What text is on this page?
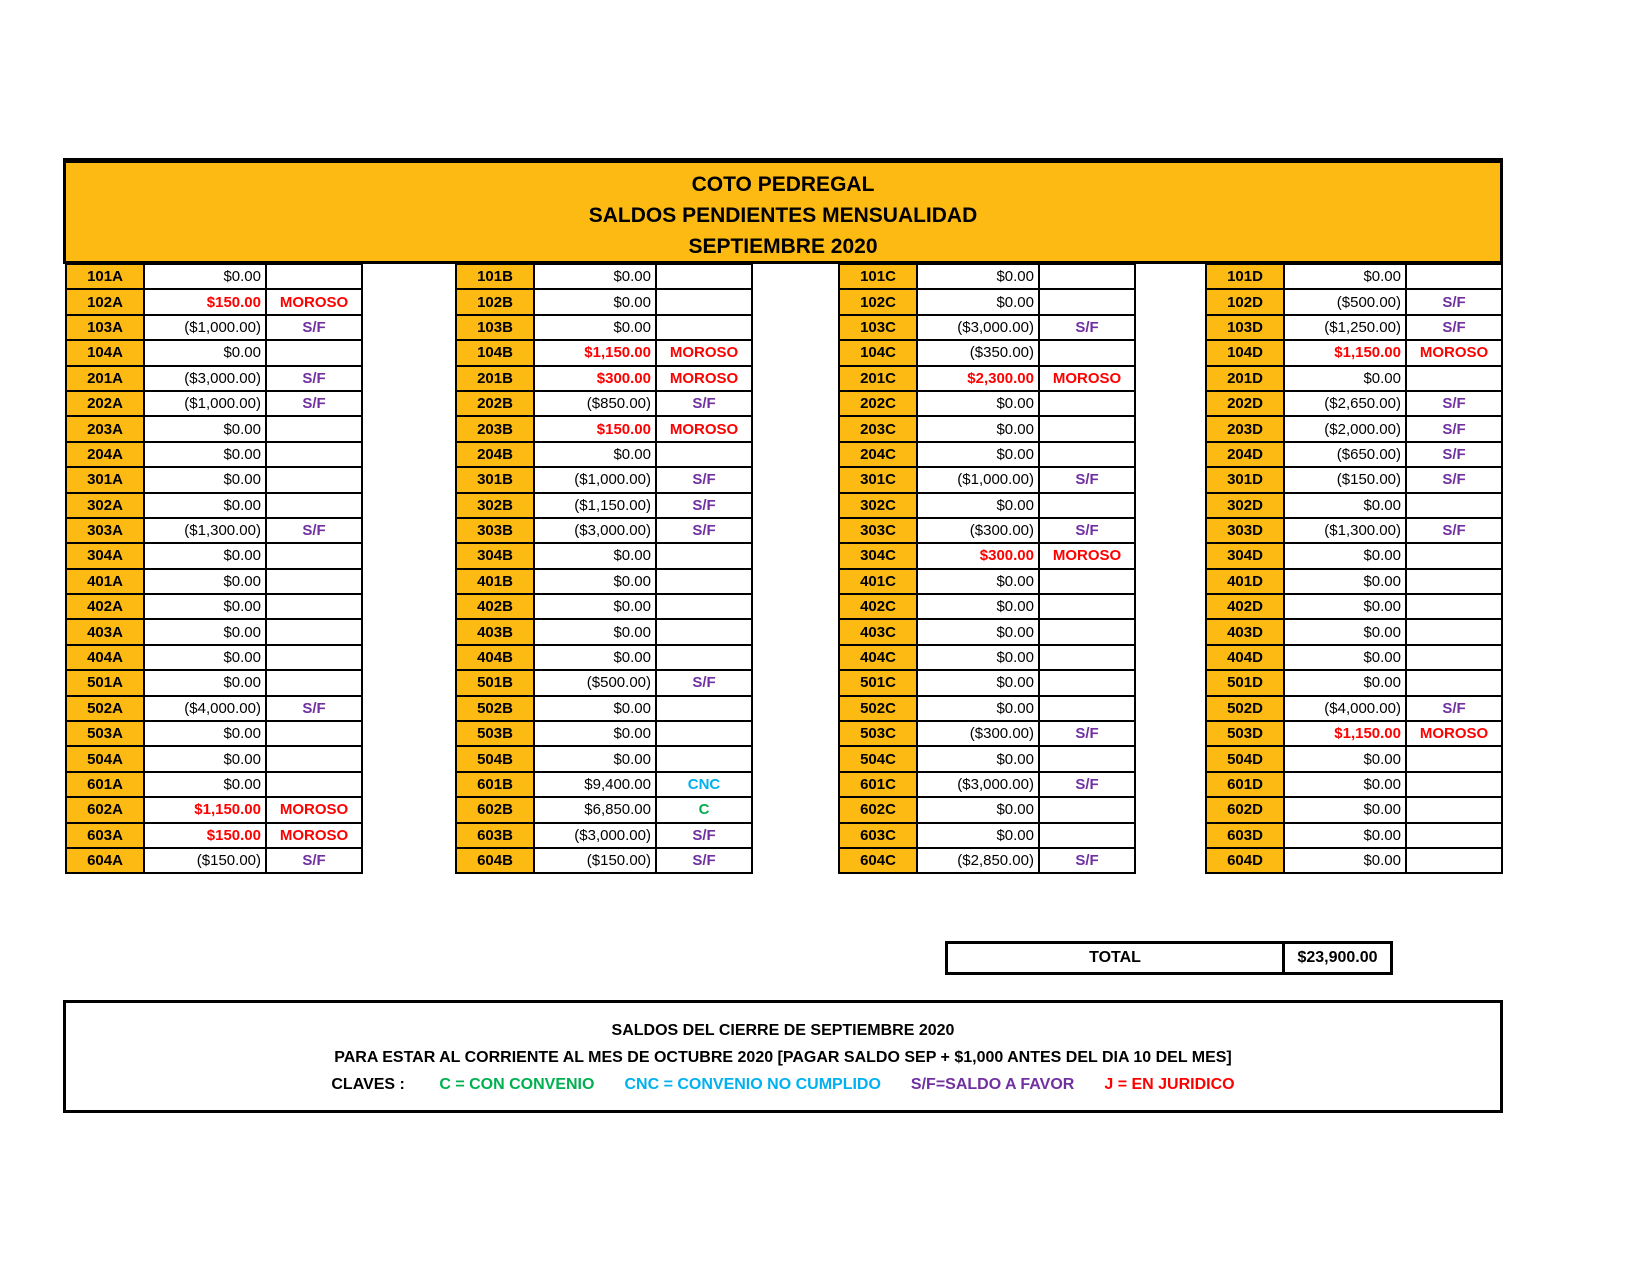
COTO PEDREGAL
SALDOS PENDIENTES MENSUALIDAD
SEPTIEMBRE 2020
101A	$0.00
102A	$150.00	MOROSO
103A	($1,000.00)	S/F
104A	$0.00
201A	($3,000.00)	S/F
202A	($1,000.00)	S/F
203A	$0.00
204A	$0.00
301A	$0.00
302A	$0.00
303A	($1,300.00)	S/F
304A	$0.00
401A	$0.00
402A	$0.00
403A	$0.00
404A	$0.00
501A	$0.00
502A	($4,000.00)	S/F
503A	$0.00
504A	$0.00
601A	$0.00
602A	$1,150.00	MOROSO
603A	$150.00	MOROSO
604A	($150.00)	S/F
101B	$0.00
102B	$0.00
103B	$0.00
104B	$1,150.00	MOROSO
201B	$300.00	MOROSO
202B	($850.00)	S/F
203B	$150.00	MOROSO
204B	$0.00
301B	($1,000.00)	S/F
302B	($1,150.00)	S/F
303B	($3,000.00)	S/F
304B	$0.00
401B	$0.00
402B	$0.00
403B	$0.00
404B	$0.00
501B	($500.00)	S/F
502B	$0.00
503B	$0.00
504B	$0.00
601B	$9,400.00	CNC
602B	$6,850.00	C
603B	($3,000.00)	S/F
604B	($150.00)	S/F
101C	$0.00
102C	$0.00
103C	($3,000.00)	S/F
104C	($350.00)
201C	$2,300.00	MOROSO
202C	$0.00
203C	$0.00
204C	$0.00
301C	($1,000.00)	S/F
302C	$0.00
303C	($300.00)	S/F
304C	$300.00	MOROSO
401C	$0.00
402C	$0.00
403C	$0.00
404C	$0.00
501C	$0.00
502C	$0.00
503C	($300.00)	S/F
504C	$0.00
601C	($3,000.00)	S/F
602C	$0.00
603C	$0.00
604C	($2,850.00)	S/F
101D	$0.00
102D	($500.00)	S/F
103D	($1,250.00)	S/F
104D	$1,150.00	MOROSO
201D	$0.00
202D	($2,650.00)	S/F
203D	($2,000.00)	S/F
204D	($650.00)	S/F
301D	($150.00)	S/F
302D	$0.00
303D	($1,300.00)	S/F
304D	$0.00
401D	$0.00
402D	$0.00
403D	$0.00
404D	$0.00
501D	$0.00
502D	($4,000.00)	S/F
503D	$1,150.00	MOROSO
504D	$0.00
601D	$0.00
602D	$0.00
603D	$0.00
604D	$0.00
TOTAL	$23,900.00
SALDOS DEL CIERRE DE SEPTIEMBRE 2020
PARA ESTAR AL CORRIENTE AL MES DE OCTUBRE 2020 [PAGAR SALDO SEP + $1,000 ANTES DEL DIA 10 DEL MES]
CLAVES : C = CON CONVENIO CNC = CONVENIO NO CUMPLIDO S/F=SALDO A FAVOR J = EN JURIDICO
